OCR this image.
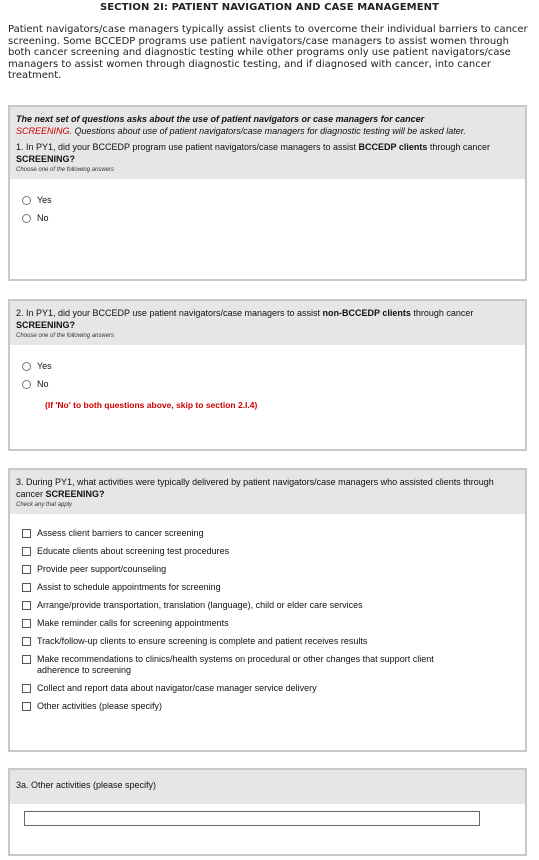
SECTION 2I: PATIENT NAVIGATION AND CASE MANAGEMENT
Patient navigators/case managers typically assist clients to overcome their individual barriers to cancer screening. Some BCCEDP programs use patient navigators/case managers to assist women through both cancer screening and diagnostic testing while other programs only use patient navigators/case managers to assist women through diagnostic testing, and if diagnosed with cancer, into cancer treatment.
The next set of questions asks about the use of patient navigators or case managers for cancer
SCREENING. Questions about use of patient navigators/case managers for diagnostic testing will be asked later.
1. In PY1, did your BCCEDP program use patient navigators/case managers to assist BCCEDP clients through cancer SCREENING?
Choose one of the following answers
Yes
No
2. In PY1, did your BCCEDP use patient navigators/case managers to assist non-BCCEDP clients through cancer SCREENING?
Choose one of the following answers
Yes
No
(If 'No' to both questions above, skip to section 2.I.4)
3. During PY1, what activities were typically delivered by patient navigators/case managers who assisted clients through cancer SCREENING?
Check any that apply
Assess client barriers to cancer screening
Educate clients about screening test procedures
Provide peer support/counseling
Assist to schedule appointments for screening
Arrange/provide transportation, translation (language), child or elder care services
Make reminder calls for screening appointments
Track/follow-up clients to ensure screening is complete and patient receives results
Make recommendations to clinics/health systems on procedural or other changes that support client adherence to screening
Collect and report data about navigator/case manager service delivery
Other activities (please specify)
3a. Other activities (please specify)
